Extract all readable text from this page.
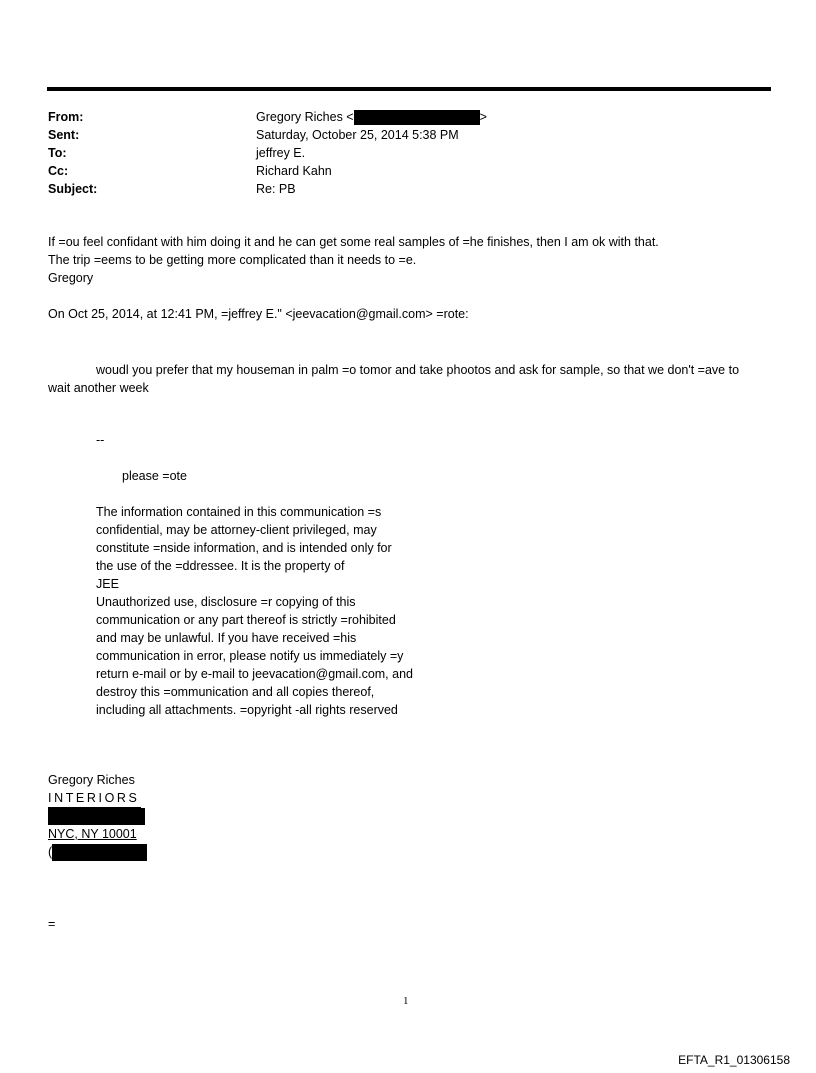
From:	Gregory Riches <	>
Sent:	Saturday, October 25, 2014 5:38 PM
To:	jeffrey E.
Cc:	Richard Kahn
Subject:	Re: PB
If =ou feel confidant with him doing it and he can get some real samples of =he finishes, then I am ok with that.
The trip =eems to be getting more complicated than it needs to =e.
Gregory
On Oct 25, 2014, at 12:41 PM, =jeffrey E." <jeevacation@gmail.com> =rote:
woudl you prefer that my houseman in palm =o tomor and take phootos and ask for sample, so that we don't =ave to wait another week
--
please =ote
The information contained in this communication =s
confidential, may be attorney-client privileged, may
constitute =nside information, and is intended only for
the use of the =ddressee. It is the property of
JEE
Unauthorized use, disclosure =r copying of this
communication or any part thereof is strictly =rohibited
and may be unlawful. If you have received =his
communication in error, please notify us immediately =y
return e-mail or by e-mail to jeevacation@gmail.com, and
destroy this =ommunication and all copies thereof,
including all attachments. =opyright -all rights reserved
Gregory Riches
INTERIORS
NYC, NY 10001
(
=
1
EFTA_R1_01306158
